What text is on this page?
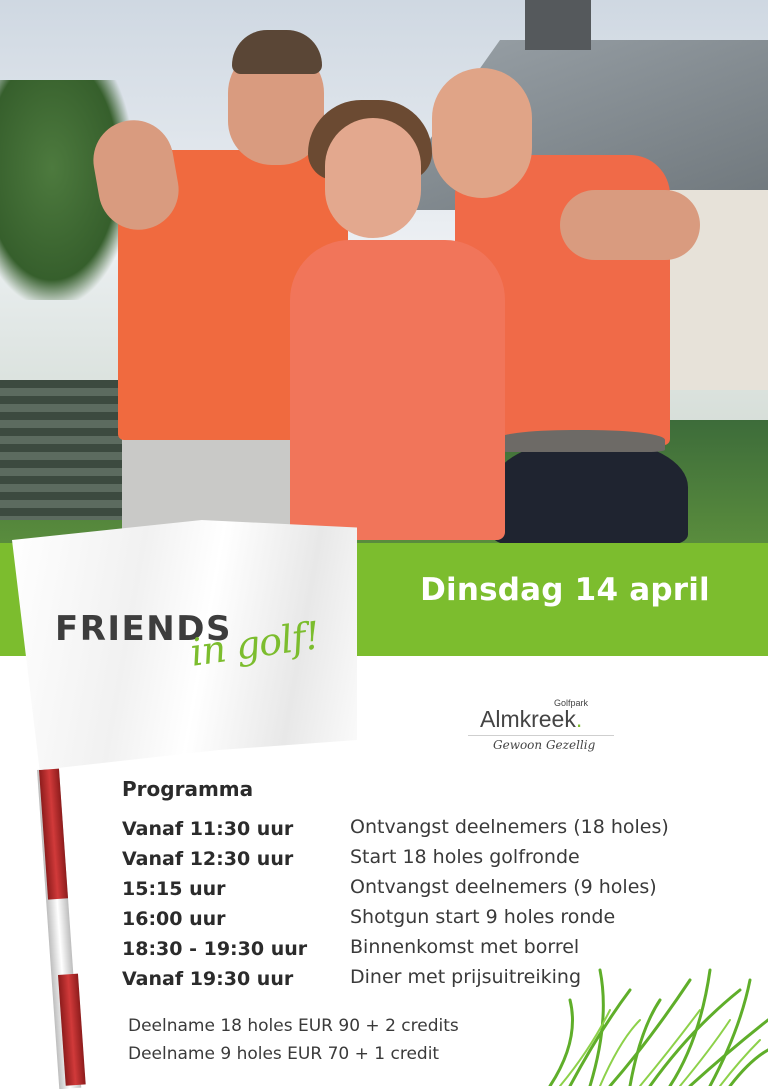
Dinsdag 14 april
FRIENDS
in golf!
Golfpark
Almkreek.
Gewoon Gezellig
Programma
Vanaf 11:30 uur	Ontvangst deelnemers (18 holes)
Vanaf 12:30 uur	Start 18 holes golfronde
15:15 uur	Ontvangst deelnemers (9 holes)
16:00 uur	Shotgun start 9 holes ronde
18:30 - 19:30 uur Binnenkomst met borrel
Vanaf 19:30 uur	Diner met prijsuitreiking
Deelname 18 holes EUR 90 + 2 credits
Deelname 9 holes EUR 70 + 1 credit
